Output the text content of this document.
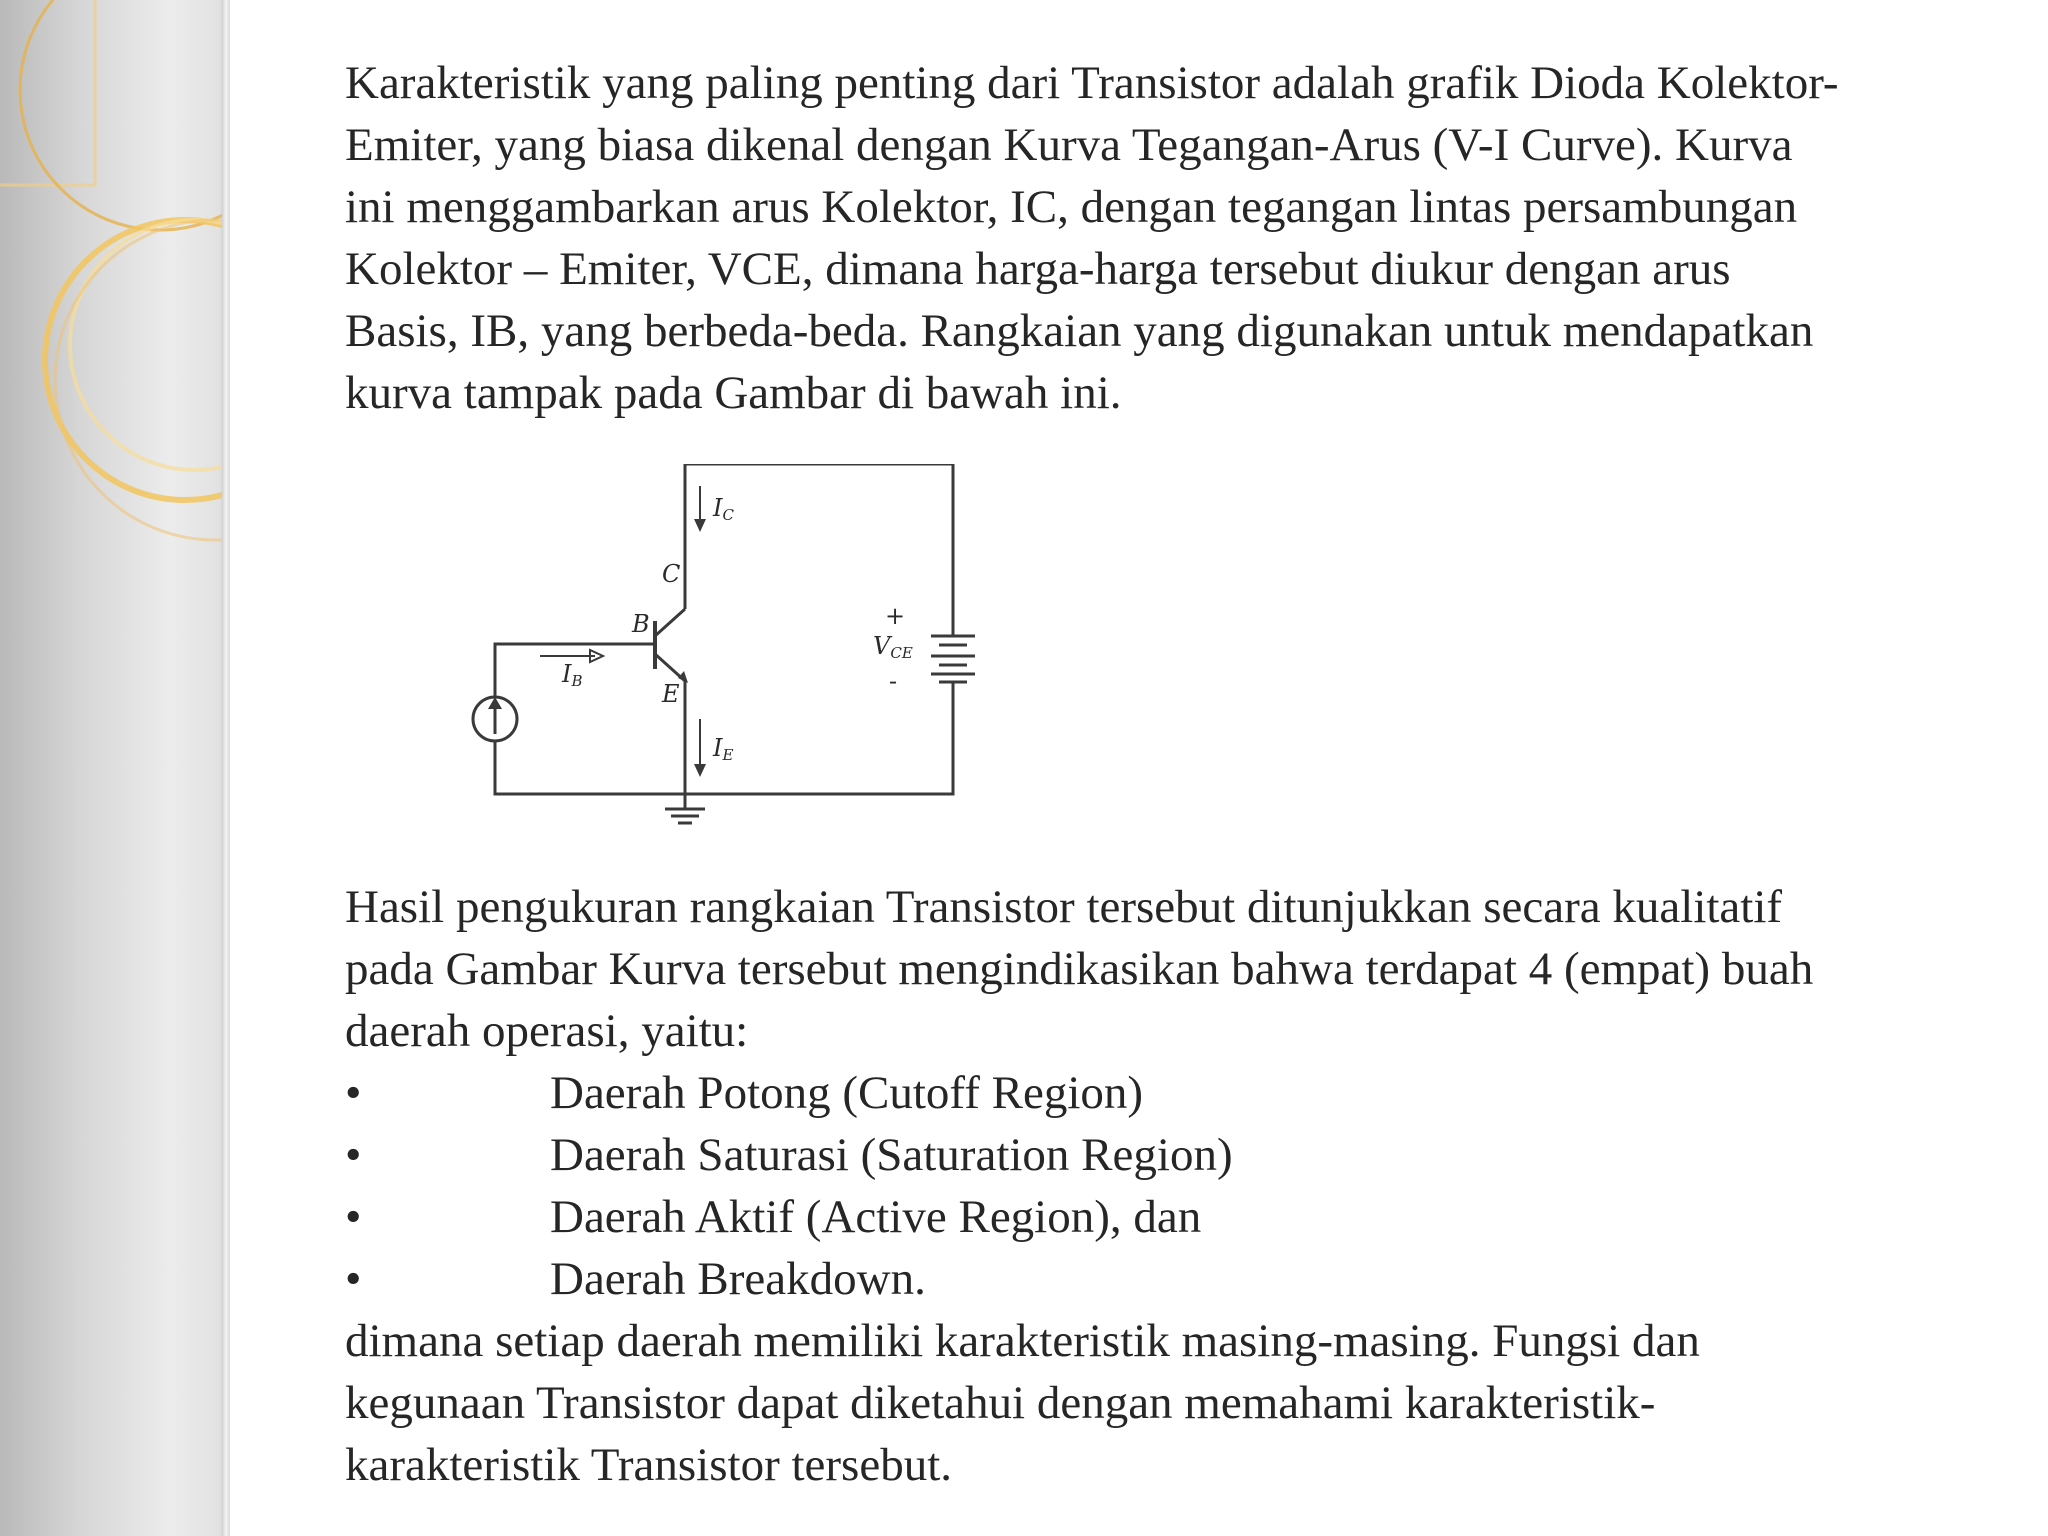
Karakteristik yang paling penting dari Transistor adalah grafik Dioda Kolektor-
Emiter, yang biasa dikenal dengan Kurva Tegangan-Arus (V-I Curve). Kurva
ini menggambarkan arus Kolektor, IC, dengan tegangan lintas persambungan
Kolektor – Emiter, VCE, dimana harga-harga tersebut diukur dengan arus
Basis, IB, yang berbeda-beda. Rangkaian yang digunakan untuk mendapatkan
kurva tampak pada Gambar di bawah ini.

$I_C$
C
B
$I_B$	E
$I_E$
+
$V_{CE}$
-

Hasil pengukuran rangkaian Transistor tersebut ditunjukkan secara kualitatif
pada Gambar Kurva tersebut mengindikasikan bahwa terdapat 4 (empat) buah
daerah operasi, yaitu:

•	Daerah Potong (Cutoff Region)
•	Daerah Saturasi (Saturation Region)
•	Daerah Aktif (Active Region), dan
•	Daerah Breakdown.

dimana setiap daerah memiliki karakteristik masing-masing. Fungsi dan
kegunaan Transistor dapat diketahui dengan memahami karakteristik-
karakteristik Transistor tersebut.
